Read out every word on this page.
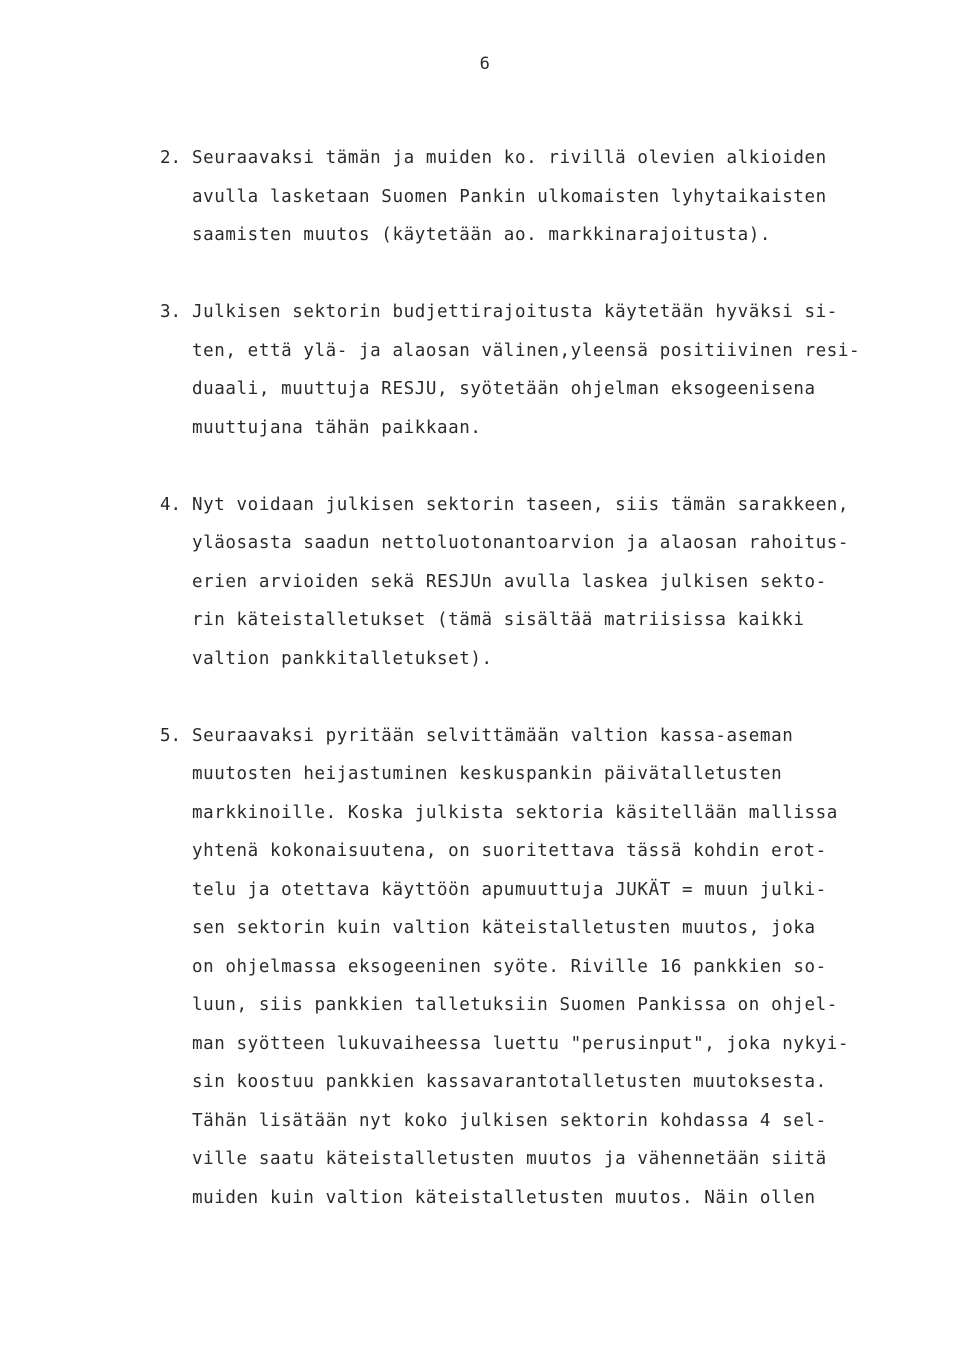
6
2. Seuraavaksi tämän ja muiden ko. rivillä olevien alkioiden
avulla lasketaan Suomen Pankin ulkomaisten lyhytaikaisten
saamisten muutos (käytetään ao. markkinarajoitusta).
3. Julkisen sektorin budjettirajoitusta käytetään hyväksi si-
ten, että ylä- ja alaosan välinen,yleensä positiivinen resi-
duaali, muuttuja RESJU, syötetään ohjelman eksogeenisena
muuttujana tähän paikkaan.
4. Nyt voidaan julkisen sektorin taseen, siis tämän sarakkeen,
yläosasta saadun nettoluotonantoarvion ja alaosan rahoitus-
erien arvioiden sekä RESJUn avulla laskea julkisen sekto-
rin käteistalletukset (tämä sisältää matriisissa kaikki
valtion pankkitalletukset).
5. Seuraavaksi pyritään selvittämään valtion kassa-aseman
muutosten heijastuminen keskuspankin päivätalletusten
markkinoille. Koska julkista sektoria käsitellään mallissa
yhtenä kokonaisuutena, on suoritettava tässä kohdin erot-
telu ja otettava käyttöön apumuuttuja JUKÄT = muun julki-
sen sektorin kuin valtion käteistalletusten muutos, joka
on ohjelmassa eksogeeninen syöte. Riville 16 pankkien so-
luun, siis pankkien talletuksiin Suomen Pankissa on ohjel-
man syötteen lukuvaiheessa luettu "perusinput", joka nykyi-
sin koostuu pankkien kassavarantotalletusten muutoksesta.
Tähän lisätään nyt koko julkisen sektorin kohdassa 4 sel-
ville saatu käteistalletusten muutos ja vähennetään siitä
muiden kuin valtion käteistalletusten muutos. Näin ollen
